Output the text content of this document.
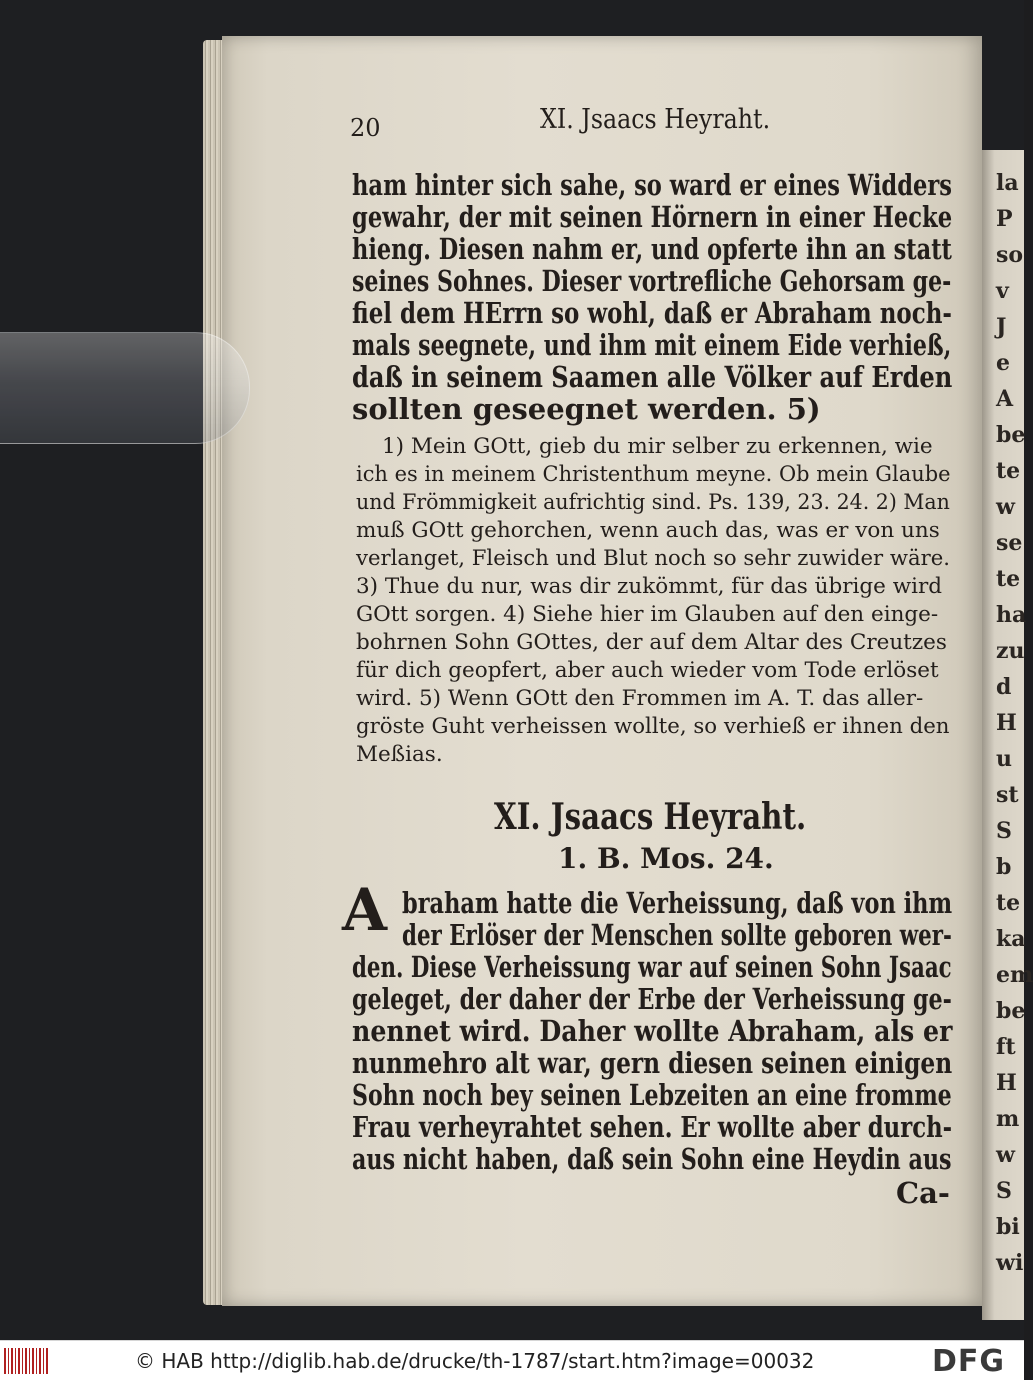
la
P
so
v
J
e
A
be
te
w
se
te
ha
zu
d
H
u
st
S
b
te
ka
em
be
ft
H
m
w
S
bi
wi
20	XI. Jsaacs Heyraht.
ham hinter sich sahe, so ward er eines Widders
gewahr, der mit seinen Hörnern in einer Hecke
hieng. Diesen nahm er, und opferte ihn an statt
seines Sohnes. Dieser vortrefliche Gehorsam ge-
fiel dem HErrn so wohl, daß er Abraham noch-
mals seegnete, und ihm mit einem Eide verhieß,
daß in seinem Saamen alle Völker auf Erden
sollten geseegnet werden. 5)
1) Mein GOtt, gieb du mir selber zu erkennen, wie
ich es in meinem Christenthum meyne. Ob mein Glaube
und Frömmigkeit aufrichtig sind. Ps. 139, 23. 24. 2) Man
muß GOtt gehorchen, wenn auch das, was er von uns
verlanget, Fleisch und Blut noch so sehr zuwider wäre.
3) Thue du nur, was dir zukömmt, für das übrige wird
GOtt sorgen. 4) Siehe hier im Glauben auf den einge-
bohrnen Sohn GOttes, der auf dem Altar des Creutzes
für dich geopfert, aber auch wieder vom Tode erlöset
wird. 5) Wenn GOtt den Frommen im A. T. das aller-
gröste Guht verheissen wollte, so verhieß er ihnen den
Meßias.
XI. Jsaacs Heyraht.
1. B. Mos. 24.
A braham hatte die Verheissung, daß von ihm
der Erlöser der Menschen sollte geboren wer-
den. Diese Verheissung war auf seinen Sohn Jsaac
geleget, der daher der Erbe der Verheissung ge-
nennet wird. Daher wollte Abraham, als er
nunmehro alt war, gern diesen seinen einigen
Sohn noch bey seinen Lebzeiten an eine fromme
Frau verheyrahtet sehen. Er wollte aber durch-
aus nicht haben, daß sein Sohn eine Heydin aus
Ca-
© HAB http://diglib.hab.de/drucke/th-1787/start.htm?image=00032	DFG
